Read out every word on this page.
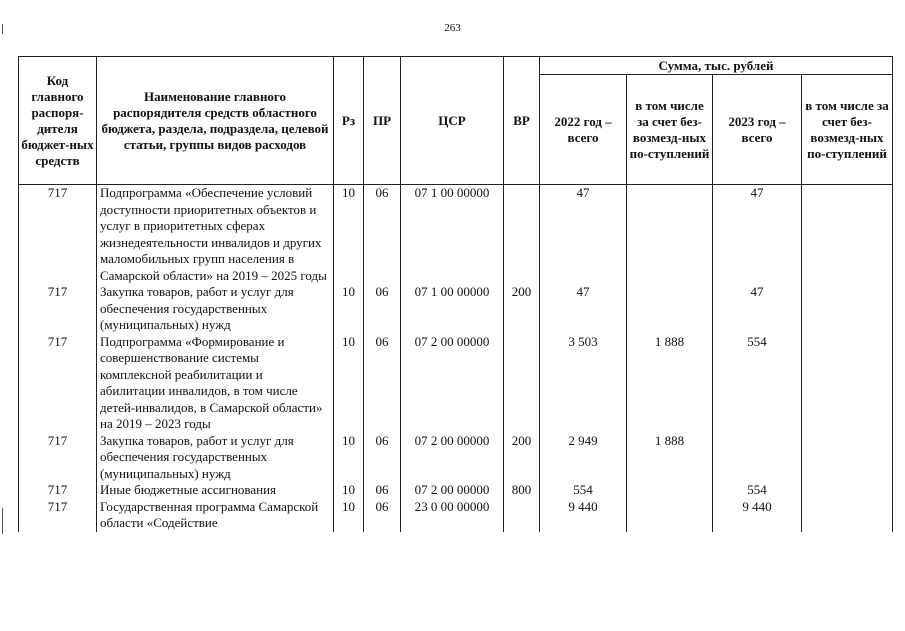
263
Код главного распоря-дителя бюджет-ных средств	Наименование главного распорядителя средств областного бюджета, раздела, подраздела, целевой статьи, группы видов расходов	Рз	ПР	ЦСР	ВР	Сумма, тыс. рублей			
						2022 год – всего	в том числе за счет без-возмезд-ных по-ступлений	2023 год – всего	в том числе за счет без-возмезд-ных по-ступлений
717	Подпрограмма «Обеспечение условий доступности приоритетных объектов и услуг в приоритетных сферах жизнедеятельности инвалидов и других маломобильных групп населения в Самарской области» на 2019 – 2025 годы	10	06	07 1 00 00000		47		47	
717	Закупка товаров, работ и услуг для обеспечения государственных (муниципальных) нужд	10	06	07 1 00 00000	200	47		47	
717	Подпрограмма «Формирование и совершенствование системы комплексной реабилитации и абилитации инвалидов, в том числе детей-инвалидов, в Самарской области» на 2019 – 2023 годы	10	06	07 2 00 00000		3 503	1 888	554	
717	Закупка товаров, работ и услуг для обеспечения государственных (муниципальных) нужд	10	06	07 2 00 00000	200	2 949	1 888		
717	Иные бюджетные ассигнования	10	06	07 2 00 00000	800	554		554	
717	Государственная программа Самарской области «Содействие	10	06	23 0 00 00000		9 440		9 440	
